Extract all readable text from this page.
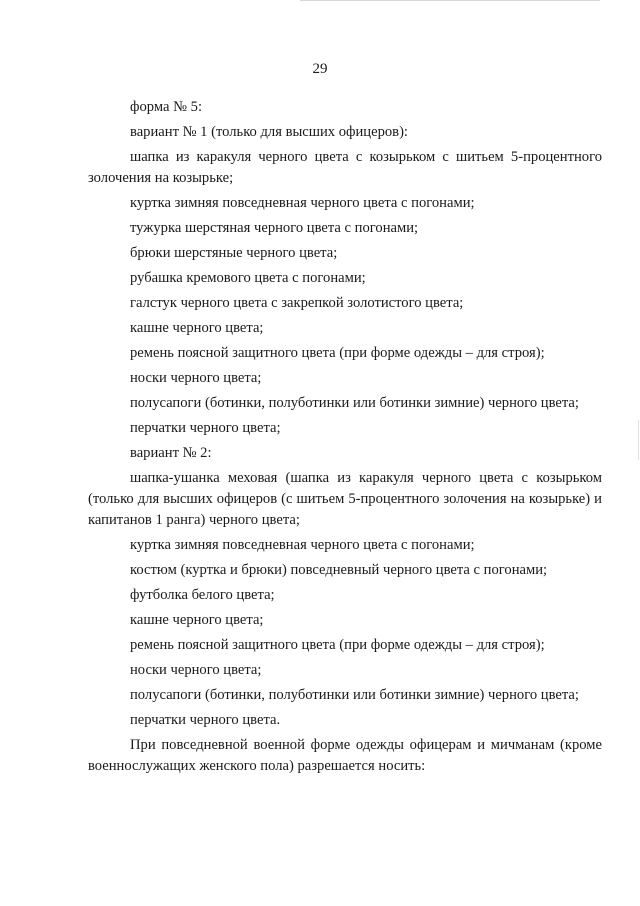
29

форма № 5:

вариант № 1 (только для высших офицеров):

шапка из каракуля черного цвета с козырьком с шитьем 5-процентного золочения на козырьке;

куртка зимняя повседневная черного цвета с погонами;

тужурка шерстяная черного цвета с погонами;

брюки шерстяные черного цвета;

рубашка кремового цвета с погонами;

галстук черного цвета с закрепкой золотистого цвета;

кашне черного цвета;

ремень поясной защитного цвета (при форме одежды – для строя);

носки черного цвета;

полусапоги (ботинки, полуботинки или ботинки зимние) черного цвета;

перчатки черного цвета;

вариант № 2:

шапка-ушанка меховая (шапка из каракуля черного цвета с козырьком (только для высших офицеров (с шитьем 5-процентного золочения на козырьке) и капитанов 1 ранга) черного цвета;

куртка зимняя повседневная черного цвета с погонами;

костюм (куртка и брюки) повседневный черного цвета с погонами;

футболка белого цвета;

кашне черного цвета;

ремень поясной защитного цвета (при форме одежды – для строя);

носки черного цвета;

полусапоги (ботинки, полуботинки или ботинки зимние) черного цвета;

перчатки черного цвета.

При повседневной военной форме одежды офицерам и мичманам (кроме военнослужащих женского пола) разрешается носить:
